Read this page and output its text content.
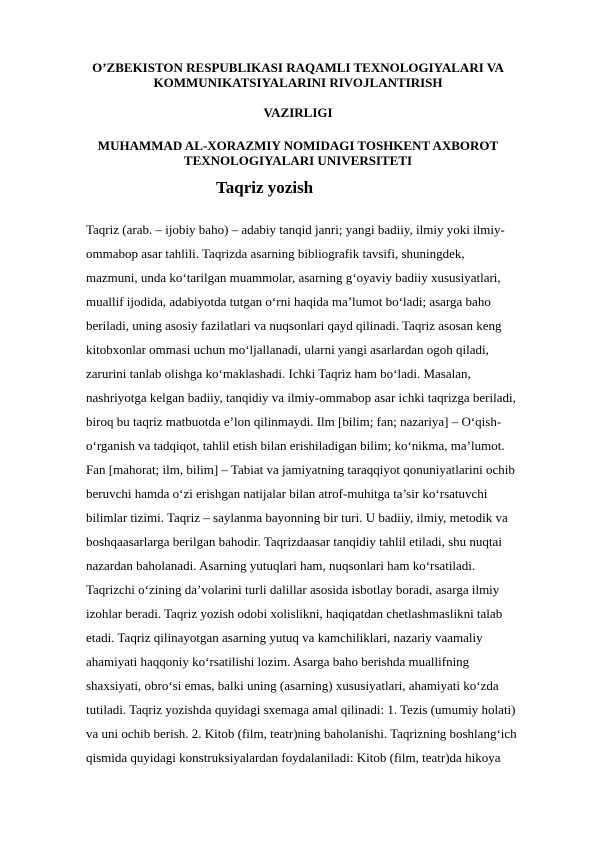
O’ZBEKISTON RESPUBLIKASI RAQAMLI TEXNOLOGIYALARI VA
KOMMUNIKATSIYALARINI RIVOJLANTIRISH
VAZIRLIGI
MUHAMMAD AL-XORAZMIY NOMIDAGI TOSHKENT AXBOROT
TEXNOLOGIYALARI UNIVERSITETI
Taqriz yozish
Taqriz (arab. – ijobiy baho) – adabiy tanqid janri; yangi badiiy, ilmiy yoki ilmiy-
ommabop asar tahlili. Taqrizda asarning bibliografik tavsifi, shuningdek,
mazmuni, unda ko‘tarilgan muammolar, asarning g‘oyaviy badiiy xususiyatlari,
muallif ijodida, adabiyotda tutgan o‘rni haqida ma’lumot bo‘ladi; asarga baho
beriladi, uning asosiy fazilatlari va nuqsonlari qayd qilinadi. Taqriz asosan keng
kitobxonlar ommasi uchun mo‘ljallanadi, ularni yangi asarlardan ogoh qiladi,
zarurini tanlab olishga ko‘maklashadi. Ichki Taqriz ham bo‘ladi. Masalan,
nashriyotga kelgan badiiy, tanqidiy va ilmiy-ommabop asar ichki taqrizga beriladi,
biroq bu taqriz matbuotda e’lon qilinmaydi. Ilm [bilim; fan; nazariya] – O‘qish-
o‘rganish va tadqiqot, tahlil etish bilan erishiladigan bilim; ko‘nikma, ma’lumot.
Fan [mahorat; ilm, bilim] – Tabiat va jamiyatning taraqqiyot qonuniyatlarini ochib
beruvchi hamda o‘zi erishgan natijalar bilan atrof-muhitga ta’sir ko‘rsatuvchi
bilimlar tizimi. Taqriz – saylanma bayonning bir turi. U badiiy, ilmiy, metodik va
boshqaasarlarga berilgan bahodir. Taqrizdaasar tanqidiy tahlil etiladi, shu nuqtai
nazardan baholanadi. Asarning yutuqlari ham, nuqsonlari ham ko‘rsatiladi.
Taqrizchi o‘zining da’volarini turli dalillar asosida isbotlay boradi, asarga ilmiy
izohlar beradi. Taqriz yozish odobi xolislikni, haqiqatdan chetlashmaslikni talab
etadi. Taqriz qilinayotgan asarning yutuq va kamchiliklari, nazariy vaamaliy
ahamiyati haqqoniy ko‘rsatilishi lozim. Asarga baho berishda muallifning
shaxsiyati, obro‘si emas, balki uning (asarning) xususiyatlari, ahamiyati ko‘zda
tutiladi. Taqriz yozishda quyidagi sxemaga amal qilinadi: 1. Tezis (umumiy holati)
va uni ochib berish. 2. Kitob (film, teatr)ning baholanishi. Taqrizning boshlang‘ich
qismida quyidagi konstruksiyalardan foydalaniladi: Kitob (film, teatr)da hikoya
